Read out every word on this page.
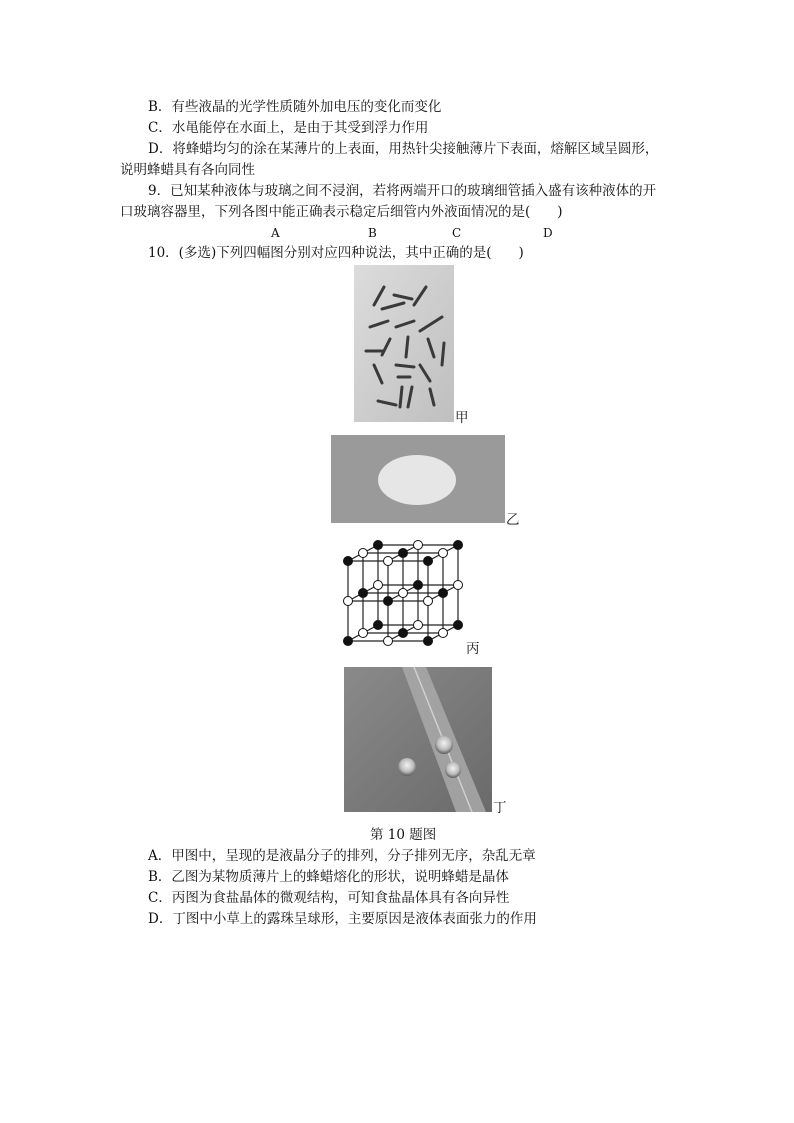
B．有些液晶的光学性质随外加电压的变化而变化
C．水黾能停在水面上，是由于其受到浮力作用
D．将蜂蜡均匀的涂在某薄片的上表面，用热针尖接触薄片下表面，熔解区域呈圆形，
说明蜂蜡具有各向同性
9．已知某种液体与玻璃之间不浸润，若将两端开口的玻璃细管插入盛有该种液体的开
口玻璃容器里，下列各图中能正确表示稳定后细管内外液面情况的是(　　)
A	B	C	D
10．(多选)下列四幅图分别对应四种说法，其中正确的是(　　)
甲
乙
丙
丁
第 10 题图
A．甲图中，呈现的是液晶分子的排列，分子排列无序，杂乱无章
B．乙图为某物质薄片上的蜂蜡熔化的形状，说明蜂蜡是晶体
C．丙图为食盐晶体的微观结构，可知食盐晶体具有各向异性
D．丁图中小草上的露珠呈球形，主要原因是液体表面张力的作用
